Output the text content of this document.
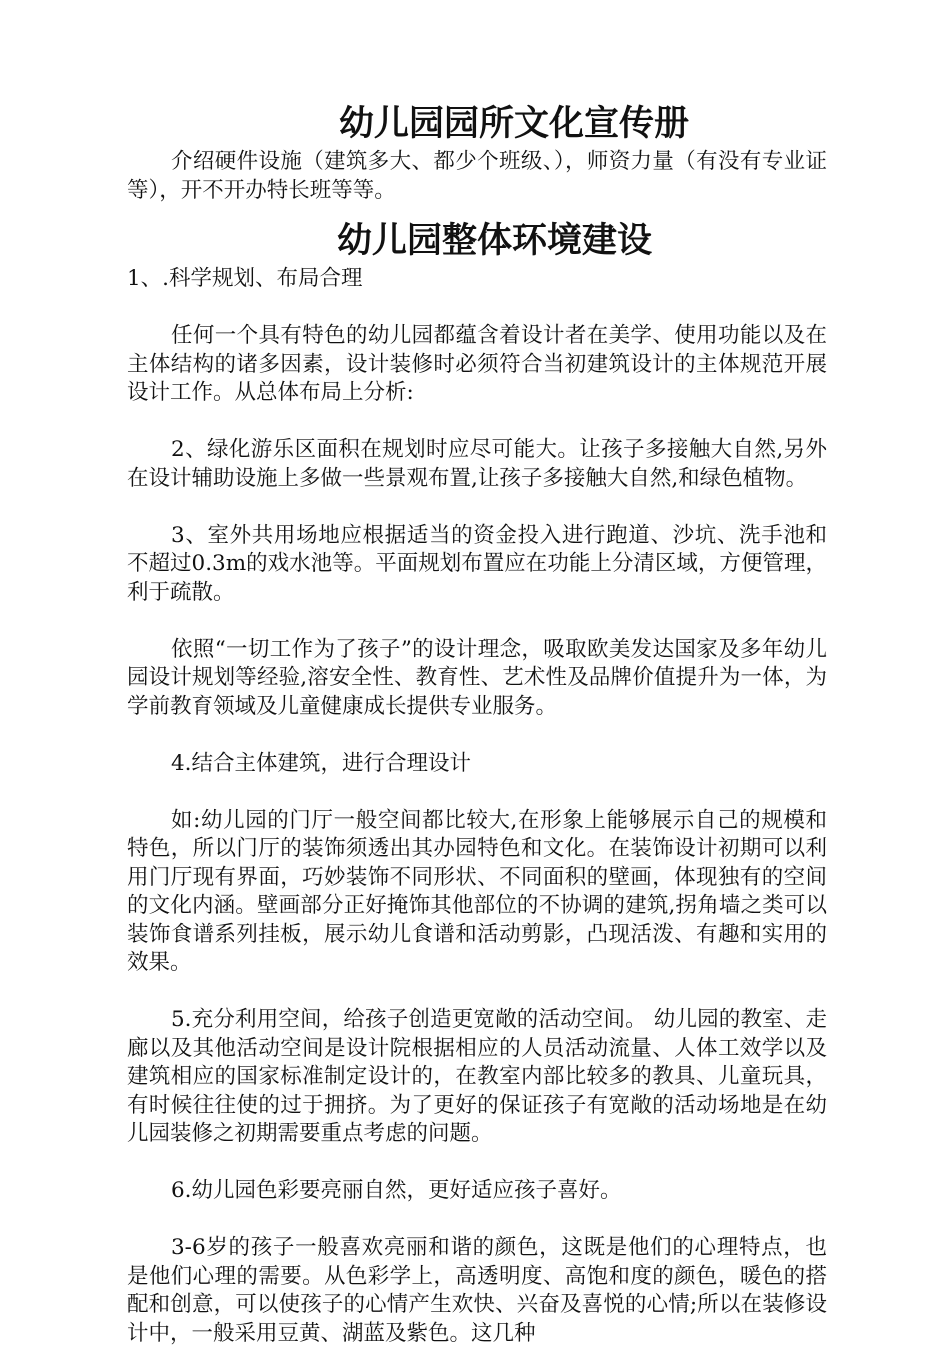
幼儿园园所文化宣传册

介绍硬件设施（建筑多大、都少个班级、），师资力量（有没有专业证等），开不开办特长班等等。

幼儿园整体环境建设

1、.科学规划、布局合理

任何一个具有特色的幼儿园都蕴含着设计者在美学、使用功能以及在主体结构的诸多因素，设计装修时必须符合当初建筑设计的主体规范开展设计工作。从总体布局上分析:

2、绿化游乐区面积在规划时应尽可能大。让孩子多接触大自然,另外在设计辅助设施上多做一些景观布置,让孩子多接触大自然,和绿色植物。

3、室外共用场地应根据适当的资金投入进行跑道、沙坑、洗手池和不超过0.3m的戏水池等。平面规划布置应在功能上分清区域，方便管理，利于疏散。

依照“一切工作为了孩子”的设计理念，吸取欧美发达国家及多年幼儿园设计规划等经验,溶安全性、教育性、艺术性及品牌价值提升为一体，为学前教育领域及儿童健康成长提供专业服务。

4.结合主体建筑，进行合理设计

如:幼儿园的门厅一般空间都比较大,在形象上能够展示自己的规模和特色，所以门厅的装饰须透出其办园特色和文化。在装饰设计初期可以利用门厅现有界面，巧妙装饰不同形状、不同面积的壁画，体现独有的空间的文化内涵。壁画部分正好掩饰其他部位的不协调的建筑,拐角墙之类可以装饰食谱系列挂板，展示幼儿食谱和活动剪影，凸现活泼、有趣和实用的效果。

5.充分利用空间，给孩子创造更宽敞的活动空间。 幼儿园的教室、走廊以及其他活动空间是设计院根据相应的人员活动流量、人体工效学以及建筑相应的国家标准制定设计的，在教室内部比较多的教具、儿童玩具，有时候往往使的过于拥挤。为了更好的保证孩子有宽敞的活动场地是在幼儿园装修之初期需要重点考虑的问题。

6.幼儿园色彩要亮丽自然，更好适应孩子喜好。

3-6岁的孩子一般喜欢亮丽和谐的颜色，这既是他们的心理特点，也是他们心理的需要。从色彩学上，高透明度、高饱和度的颜色，暖色的搭配和创意，可以使孩子的心情产生欢快、兴奋及喜悦的心情;所以在装修设计中，一般采用豆黄、湖蓝及紫色。这几种
